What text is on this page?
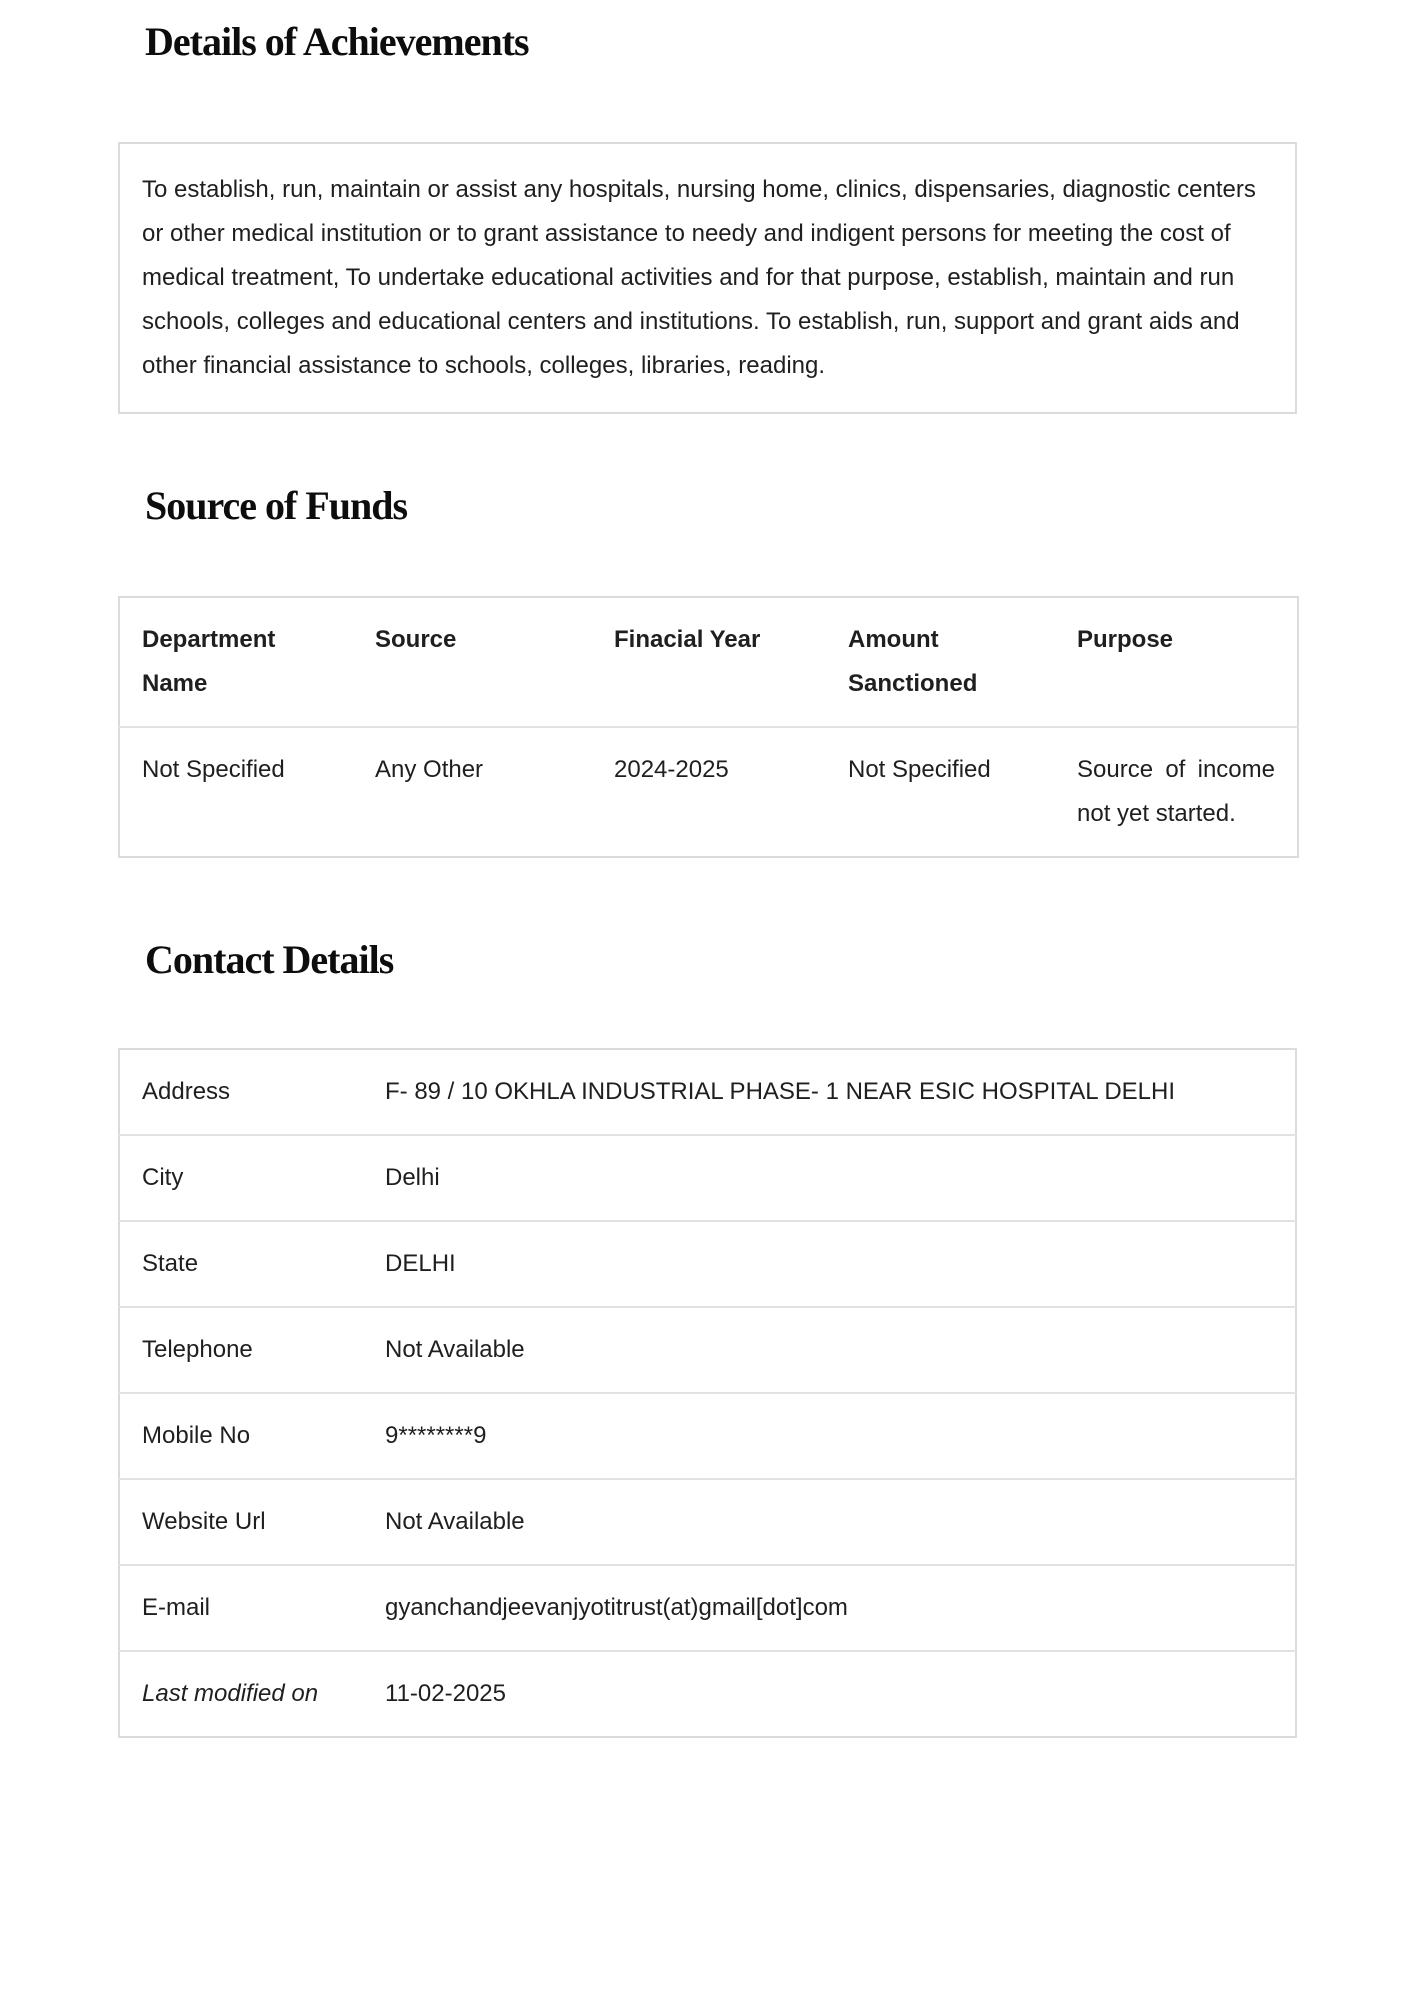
Details of Achievements

To establish, run, maintain or assist any hospitals, nursing home, clinics, dispensaries, diagnostic centers or other medical institution or to grant assistance to needy and indigent persons for meeting the cost of medical treatment, To undertake educational activities and for that purpose, establish, maintain and run schools, colleges and educational centers and institutions. To establish, run, support and grant aids and other financial assistance to schools, colleges, libraries, reading.

Source of Funds
Department Name	Source	Finacial Year	Amount Sanctioned	Purpose
Not Specified	Any Other	2024-2025	Not Specified	Source of income not yet started.
Contact Details
Address	F- 89 / 10 OKHLA INDUSTRIAL PHASE- 1 NEAR ESIC HOSPITAL DELHI
City	Delhi
State	DELHI
Telephone	Not Available
Mobile No	9********9
Website Url	Not Available
E-mail	gyanchandjeevanjyotitrust(at)gmail[dot]com
Last modified on	11-02-2025
